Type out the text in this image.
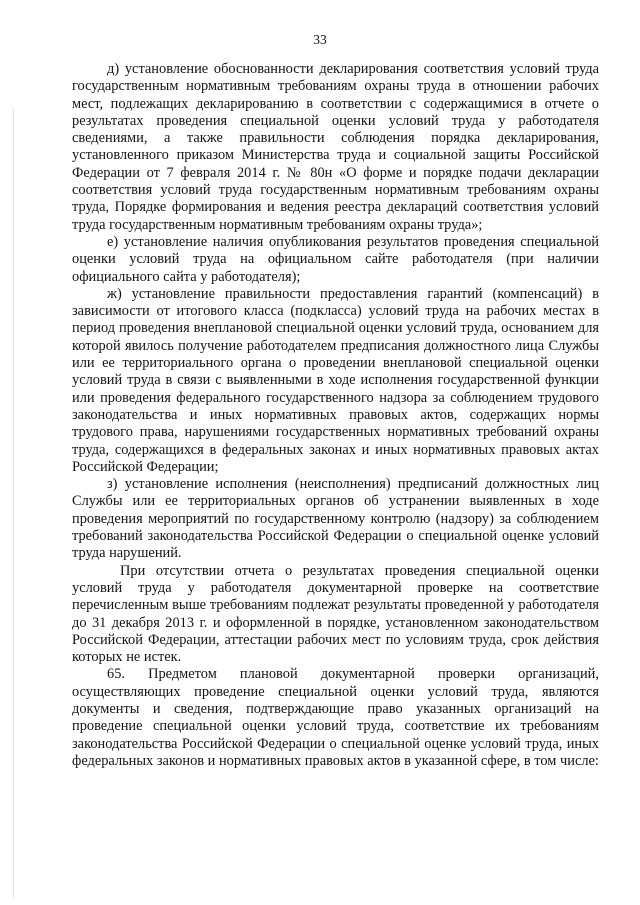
33

д) установление обоснованности декларирования соответствия условий труда государственным нормативным требованиям охраны труда в отношении рабочих мест, подлежащих декларированию в соответствии с содержащимися в отчете о результатах проведения специальной оценки условий труда у работодателя сведениями, а также правильности соблюдения порядка декларирования, установленного приказом Министерства труда и социальной защиты Российской Федерации от 7 февраля 2014 г. № 80н «О форме и порядке подачи декларации соответствия условий труда государственным нормативным требованиям охраны труда, Порядке формирования и ведения реестра деклараций соответствия условий труда государственным нормативным требованиям охраны труда»;

е) установление наличия опубликования результатов проведения специальной оценки условий труда на официальном сайте работодателя (при наличии официального сайта у работодателя);

ж) установление правильности предоставления гарантий (компенсаций) в зависимости от итогового класса (подкласса) условий труда на рабочих местах в период проведения внеплановой специальной оценки условий труда, основанием для которой явилось получение работодателем предписания должностного лица Службы или ее территориального органа о проведении внеплановой специальной оценки условий труда в связи с выявленными в ходе исполнения государственной функции или проведения федерального государственного надзора за соблюдением трудового законодательства и иных нормативных правовых актов, содержащих нормы трудового права, нарушениями государственных нормативных требований охраны труда, содержащихся в федеральных законах и иных нормативных правовых актах Российской Федерации;

з) установление исполнения (неисполнения) предписаний должностных лиц Службы или ее территориальных органов об устранении выявленных в ходе проведения мероприятий по государственному контролю (надзору) за соблюдением требований законодательства Российской Федерации о специальной оценке условий труда нарушений.

При отсутствии отчета о результатах проведения специальной оценки условий труда у работодателя документарной проверке на соответствие перечисленным выше требованиям подлежат результаты проведенной у работодателя до 31 декабря 2013 г. и оформленной в порядке, установленном законодательством Российской Федерации, аттестации рабочих мест по условиям труда, срок действия которых не истек.

65. Предметом плановой документарной проверки организаций, осуществляющих проведение специальной оценки условий труда, являются документы и сведения, подтверждающие право указанных организаций на проведение специальной оценки условий труда, соответствие их требованиям законодательства Российской Федерации о специальной оценке условий труда, иных федеральных законов и нормативных правовых актов в указанной сфере, в том числе:
